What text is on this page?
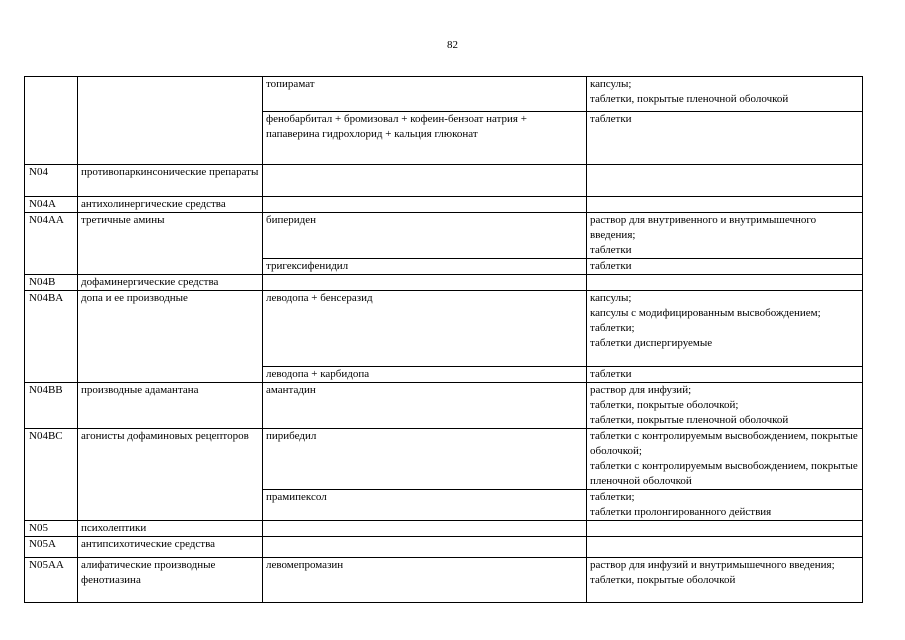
82
		топирамат	капсулы;
таблетки, покрытые пленочной оболочкой
		фенобарбитал + бромизовал + кофеин-бензоат натрия + папаверина гидрохлорид + кальция глюконат	таблетки
N04	противопаркинсонические препараты		
N04A	антихолинергические средства		
N04AA	третичные амины	бипериден	раствор для внутривенного и внутримышечного введения;
таблетки
		тригексифенидил	таблетки
N04B	дофаминергические средства		
N04BA	допа и ее производные	леводопа + бенсеразид	капсулы;
капсулы с модифицированным высвобождением;
таблетки;
таблетки диспергируемые
		леводопа + карбидопа	таблетки
N04BB	производные адамантана	амантадин	раствор для инфузий;
таблетки, покрытые оболочкой;
таблетки, покрытые пленочной оболочкой
N04BC	агонисты дофаминовых рецепторов	пирибедил	таблетки с контролируемым высвобождением, покрытые оболочкой;
таблетки с контролируемым высвобождением, покрытые пленочной оболочкой
		прамипексол	таблетки;
таблетки пролонгированного действия
N05	психолептики		
N05A	антипсихотические средства		
N05AA	алифатические производные фенотиазина	левомепромазин	раствор для инфузий и внутримышечного введения;
таблетки, покрытые оболочкой
